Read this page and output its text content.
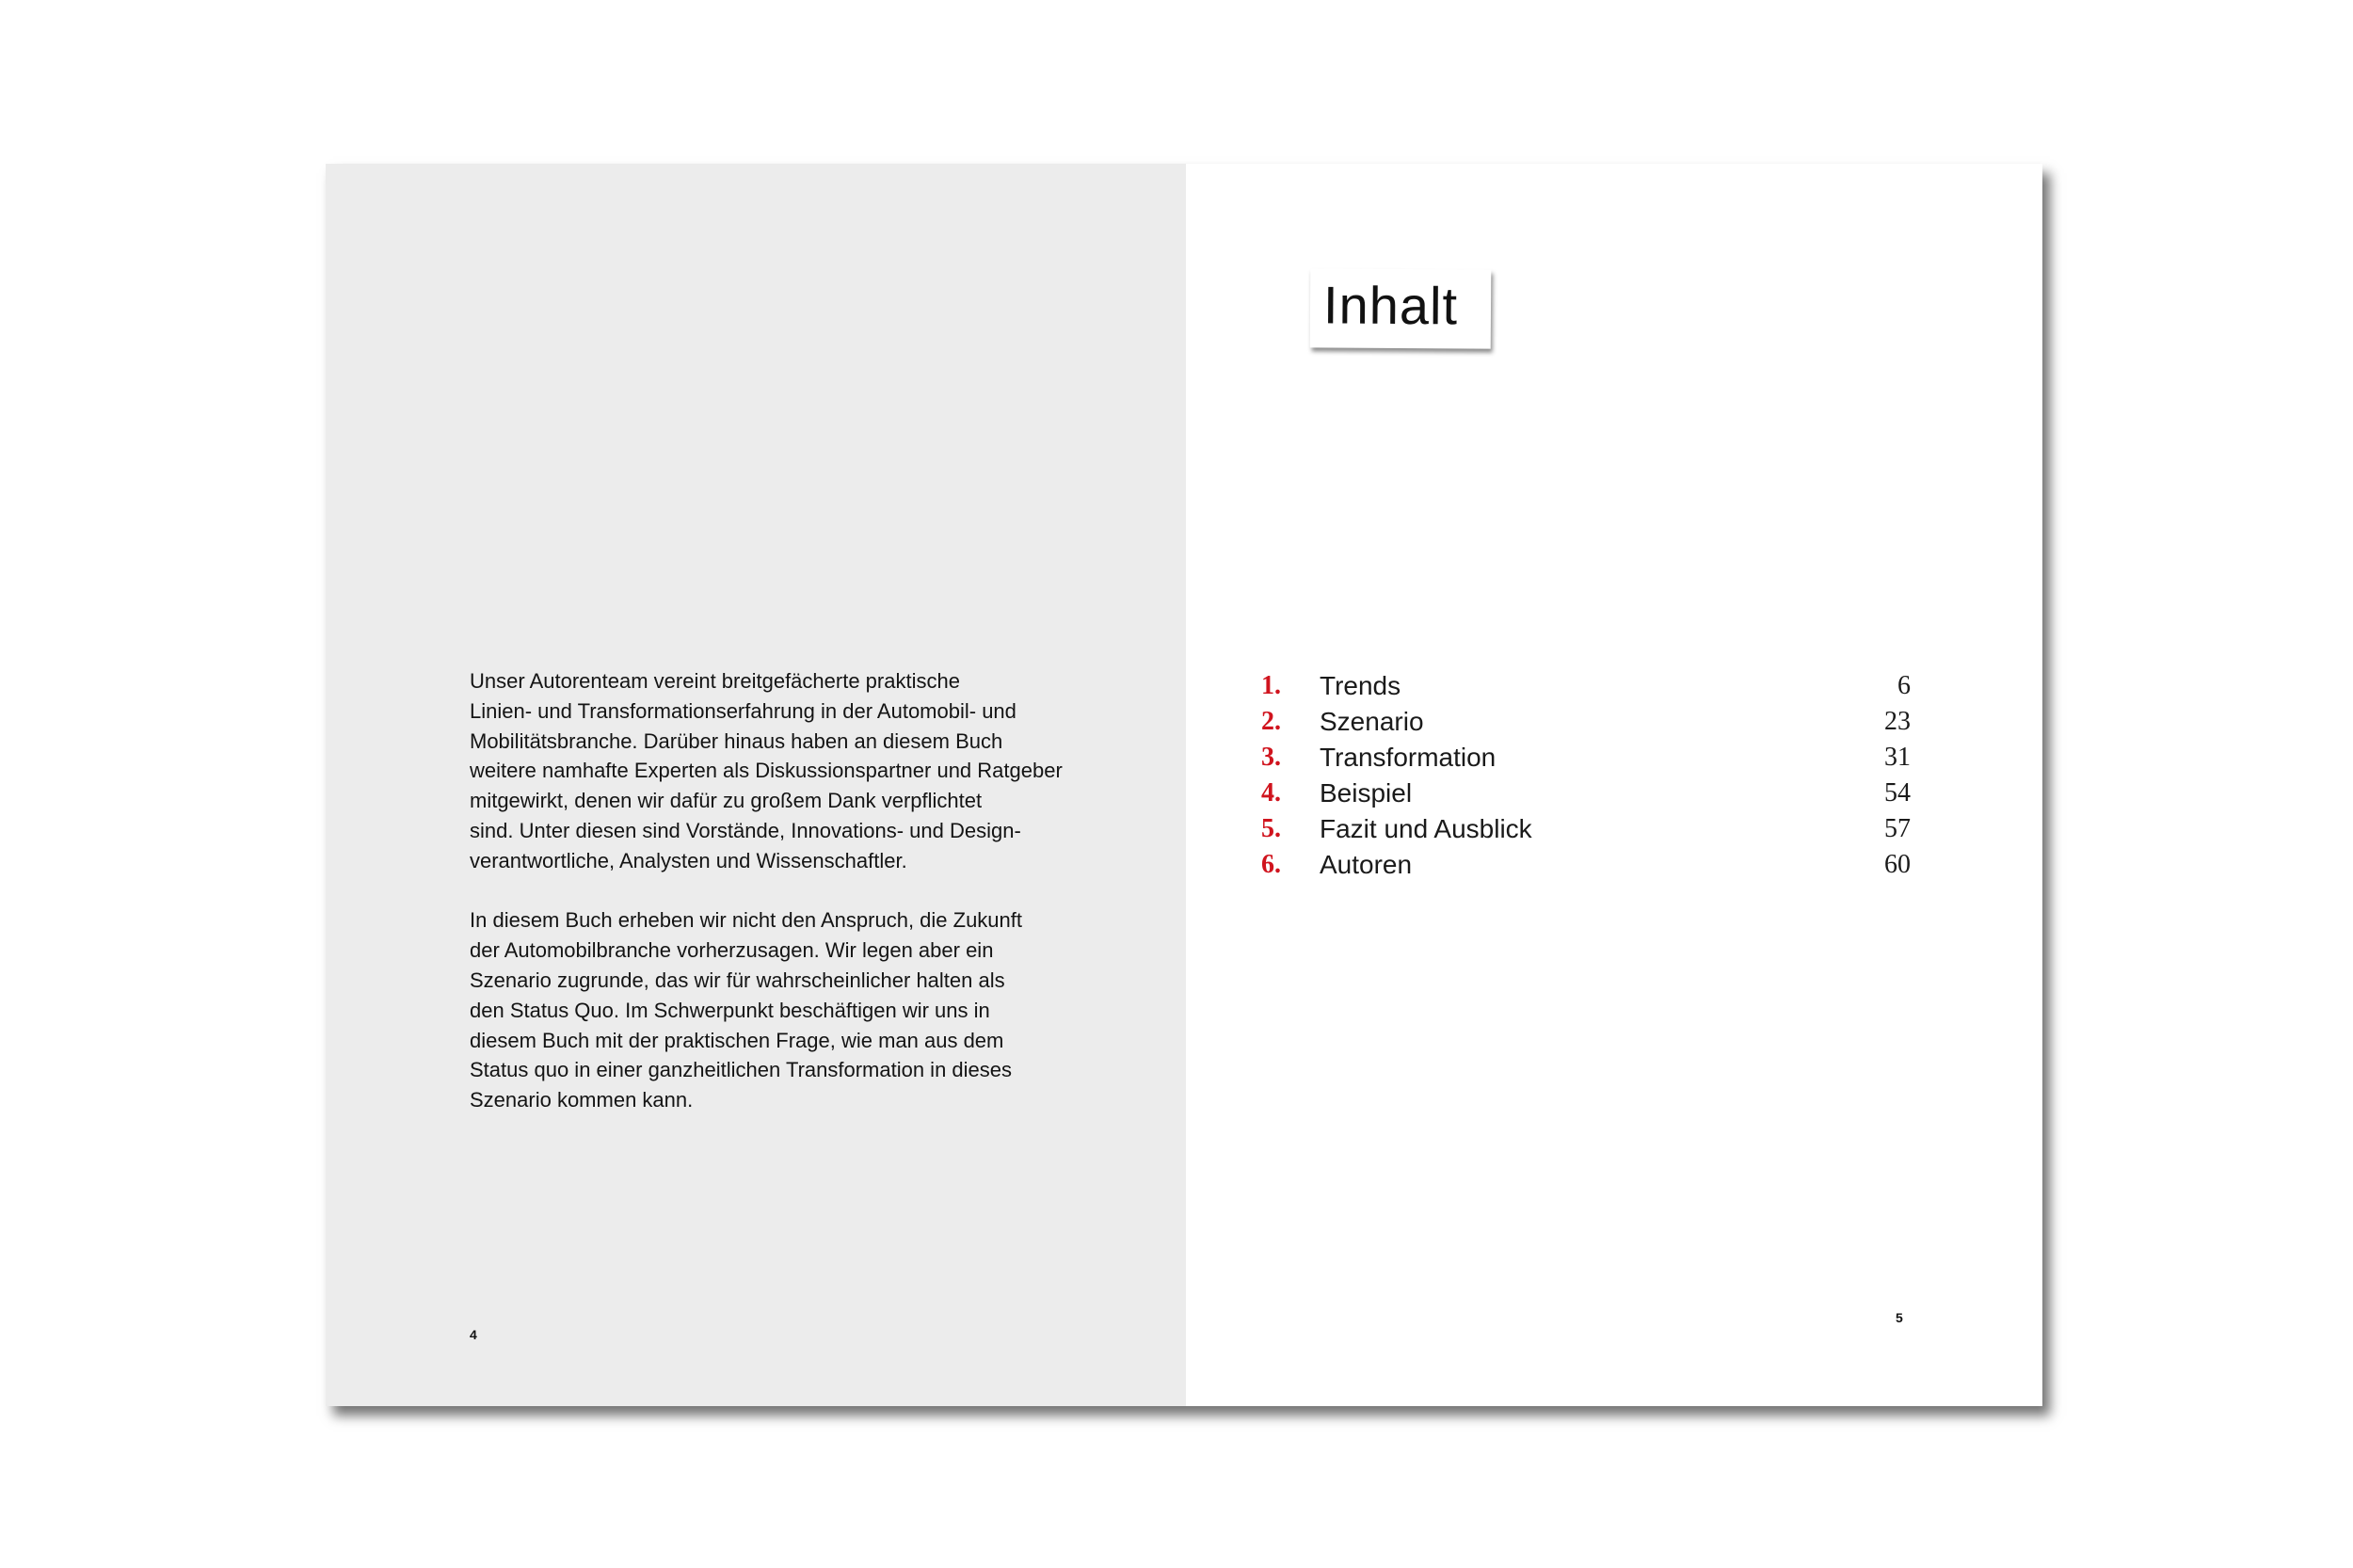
Unser Autorenteam vereint breitgefächerte praktische
Linien- und Transformationserfahrung in der Automobil- und
Mobilitätsbranche. Darüber hinaus haben an diesem Buch
weitere namhafte Experten als Diskussionspartner und Ratgeber
mitgewirkt, denen wir dafür zu großem Dank verpflichtet
sind. Unter diesen sind Vorstände, Innovations- und Design-
verantwortliche, Analysten und Wissenschaftler.

In diesem Buch erheben wir nicht den Anspruch, die Zukunft
der Automobilbranche vorherzusagen. Wir legen aber ein
Szenario zugrunde, das wir für wahrscheinlicher halten als
den Status Quo. Im Schwerpunkt beschäftigen wir uns in
diesem Buch mit der praktischen Frage, wie man aus dem
Status quo in einer ganzheitlichen Transformation in dieses
Szenario kommen kann.

4
5
Inhalt
1. Trends	6
2. Szenario	23
3. Transformation	31
4. Beispiel	54
5. Fazit und Ausblick	57
6. Autoren	60
